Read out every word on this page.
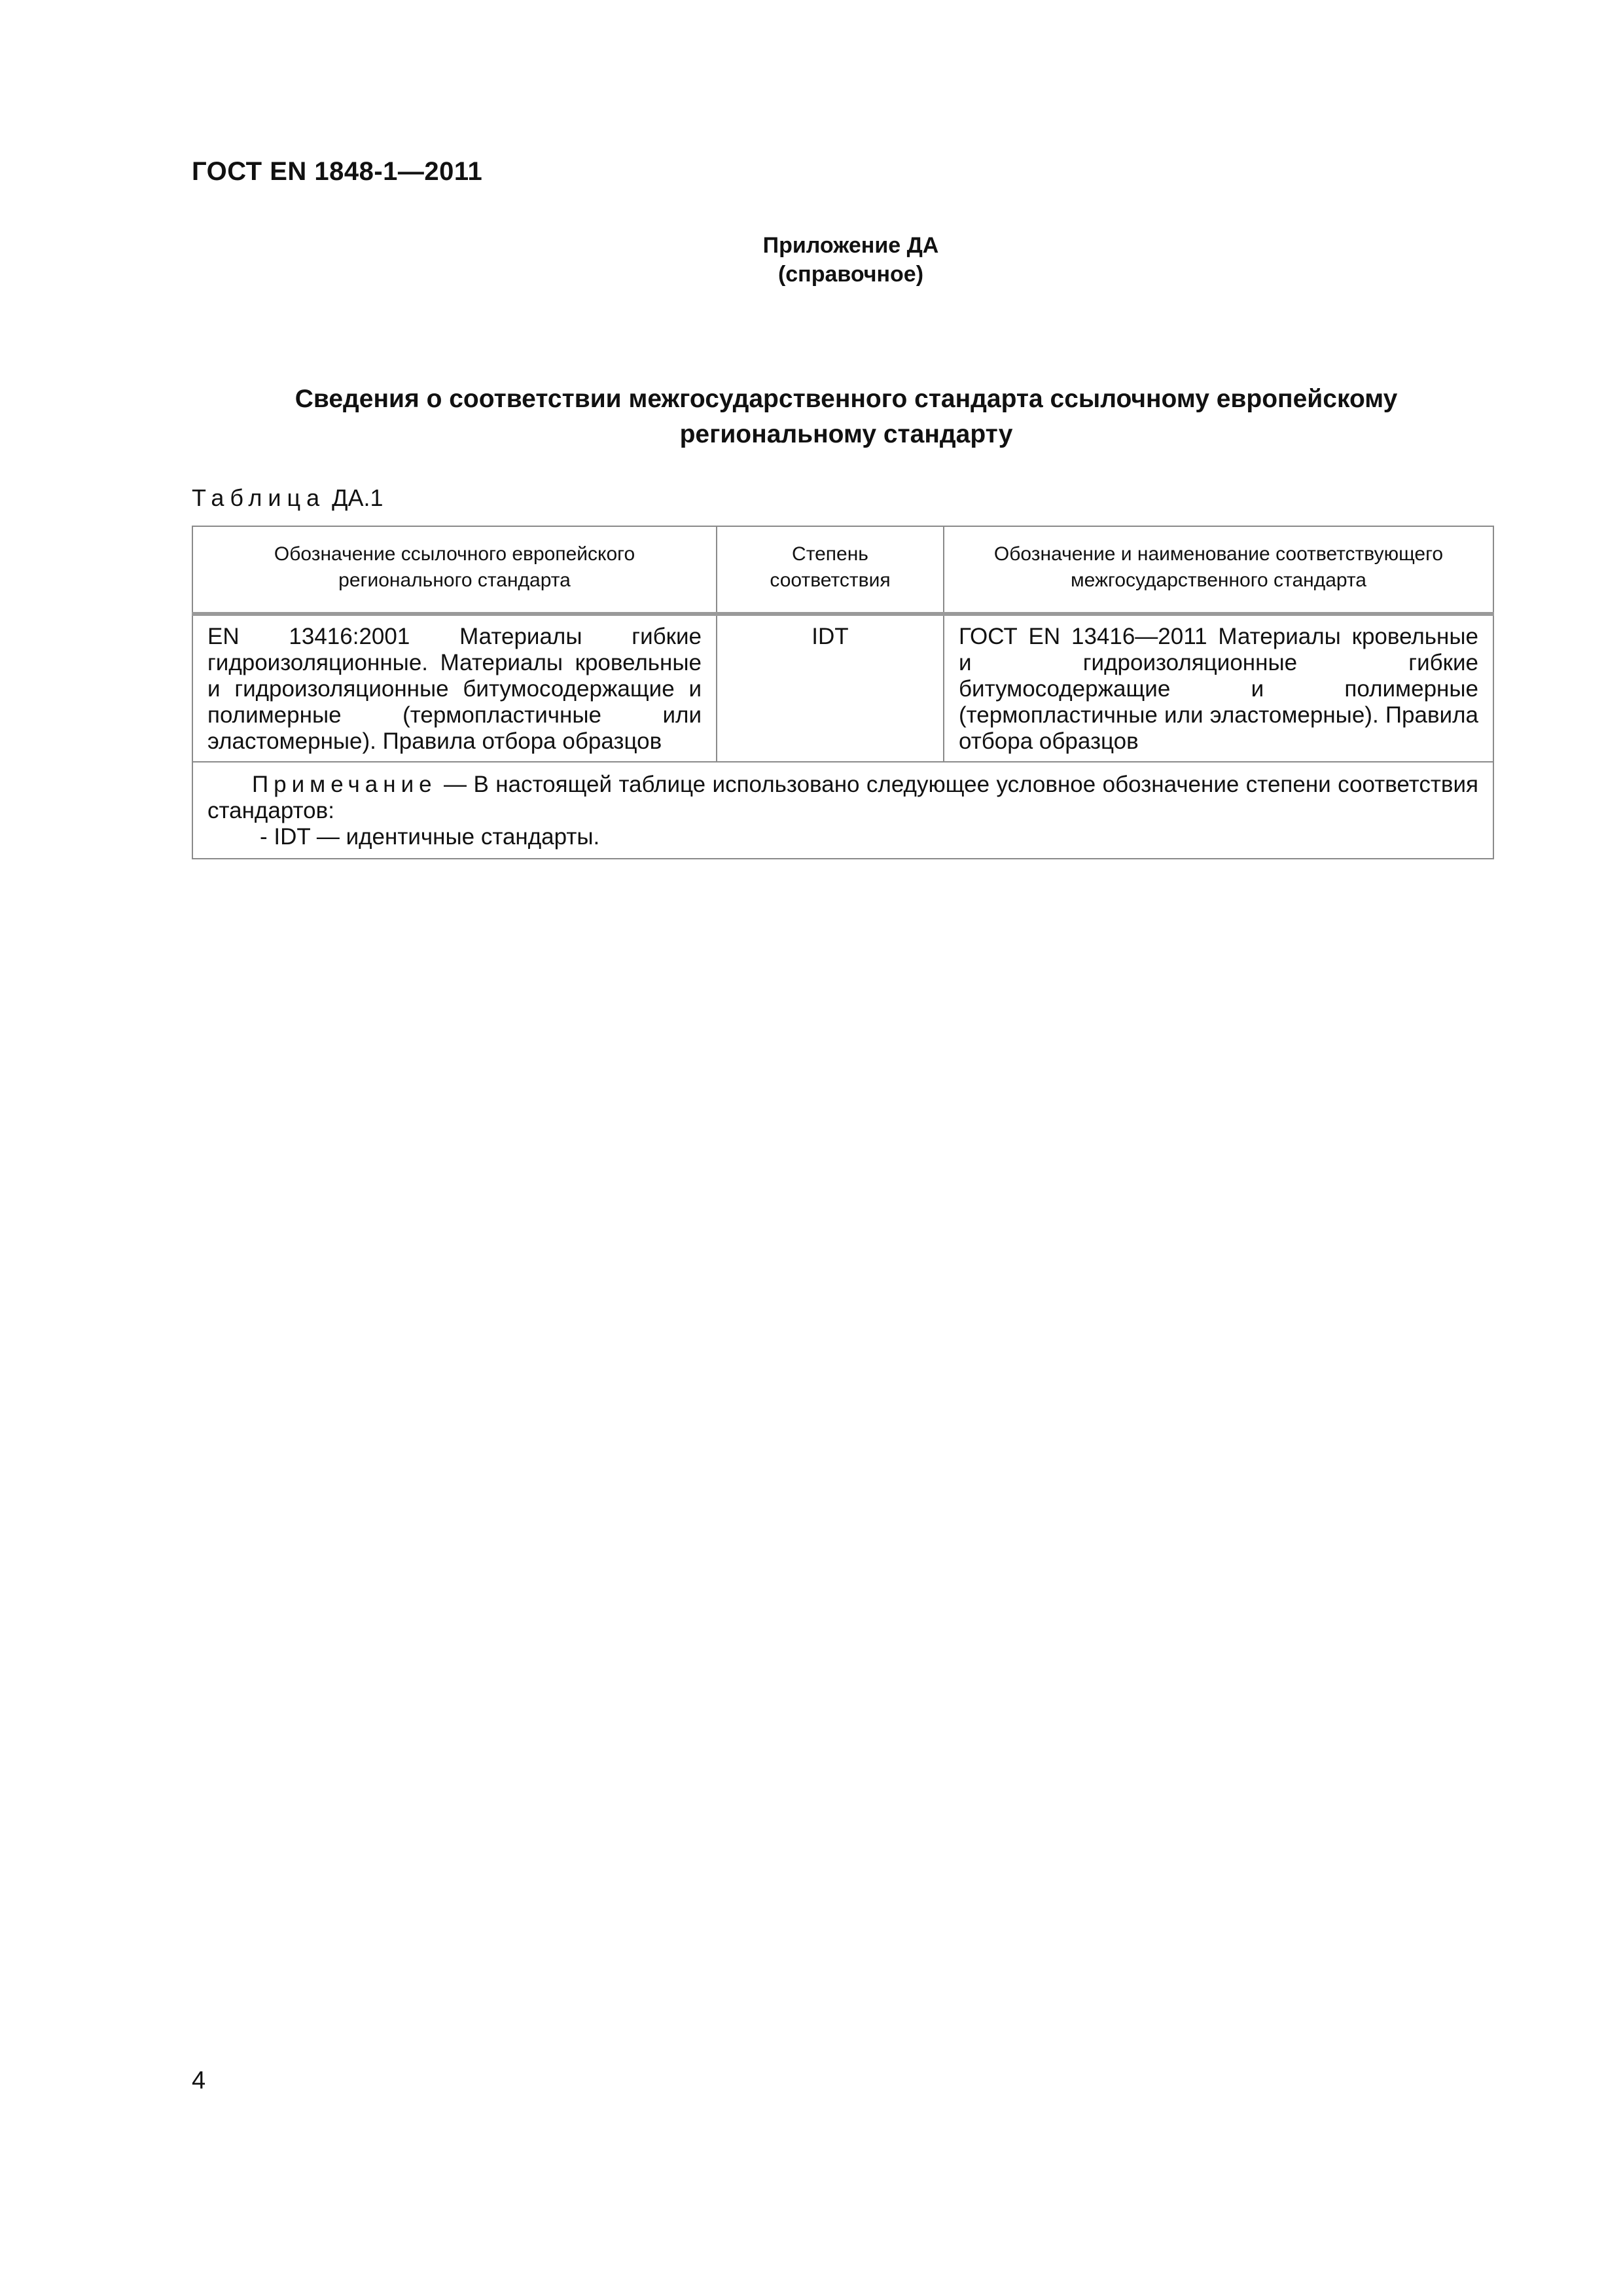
ГОСТ EN 1848-1—2011
Приложение ДА
(справочное)
Сведения о соответствии межгосударственного стандарта ссылочному европейскому
региональному стандарту
Таблица ДА.1
Обозначение ссылочного европейского регионального стандарта	Степень соответствия	Обозначение и наименование соответствующего межгосударственного стандарта
EN 13416:2001 Материалы гибкие гидроизоляционные. Материалы кровельные и гидроизоляционные битумосодержащие и полимерные (термопластичные или эластомерные). Правила отбора образцов	IDT	ГОСТ EN 13416—2011 Материалы кровельные и гидроизоляционные гибкие битумосодержащие и полимерные (термопластичные или эластомерные). Правила отбора образцов

Примечание — В настоящей таблице использовано следующее условное обозначение степени соответствия стандартов:
- IDT — идентичные стандарты.		
4
